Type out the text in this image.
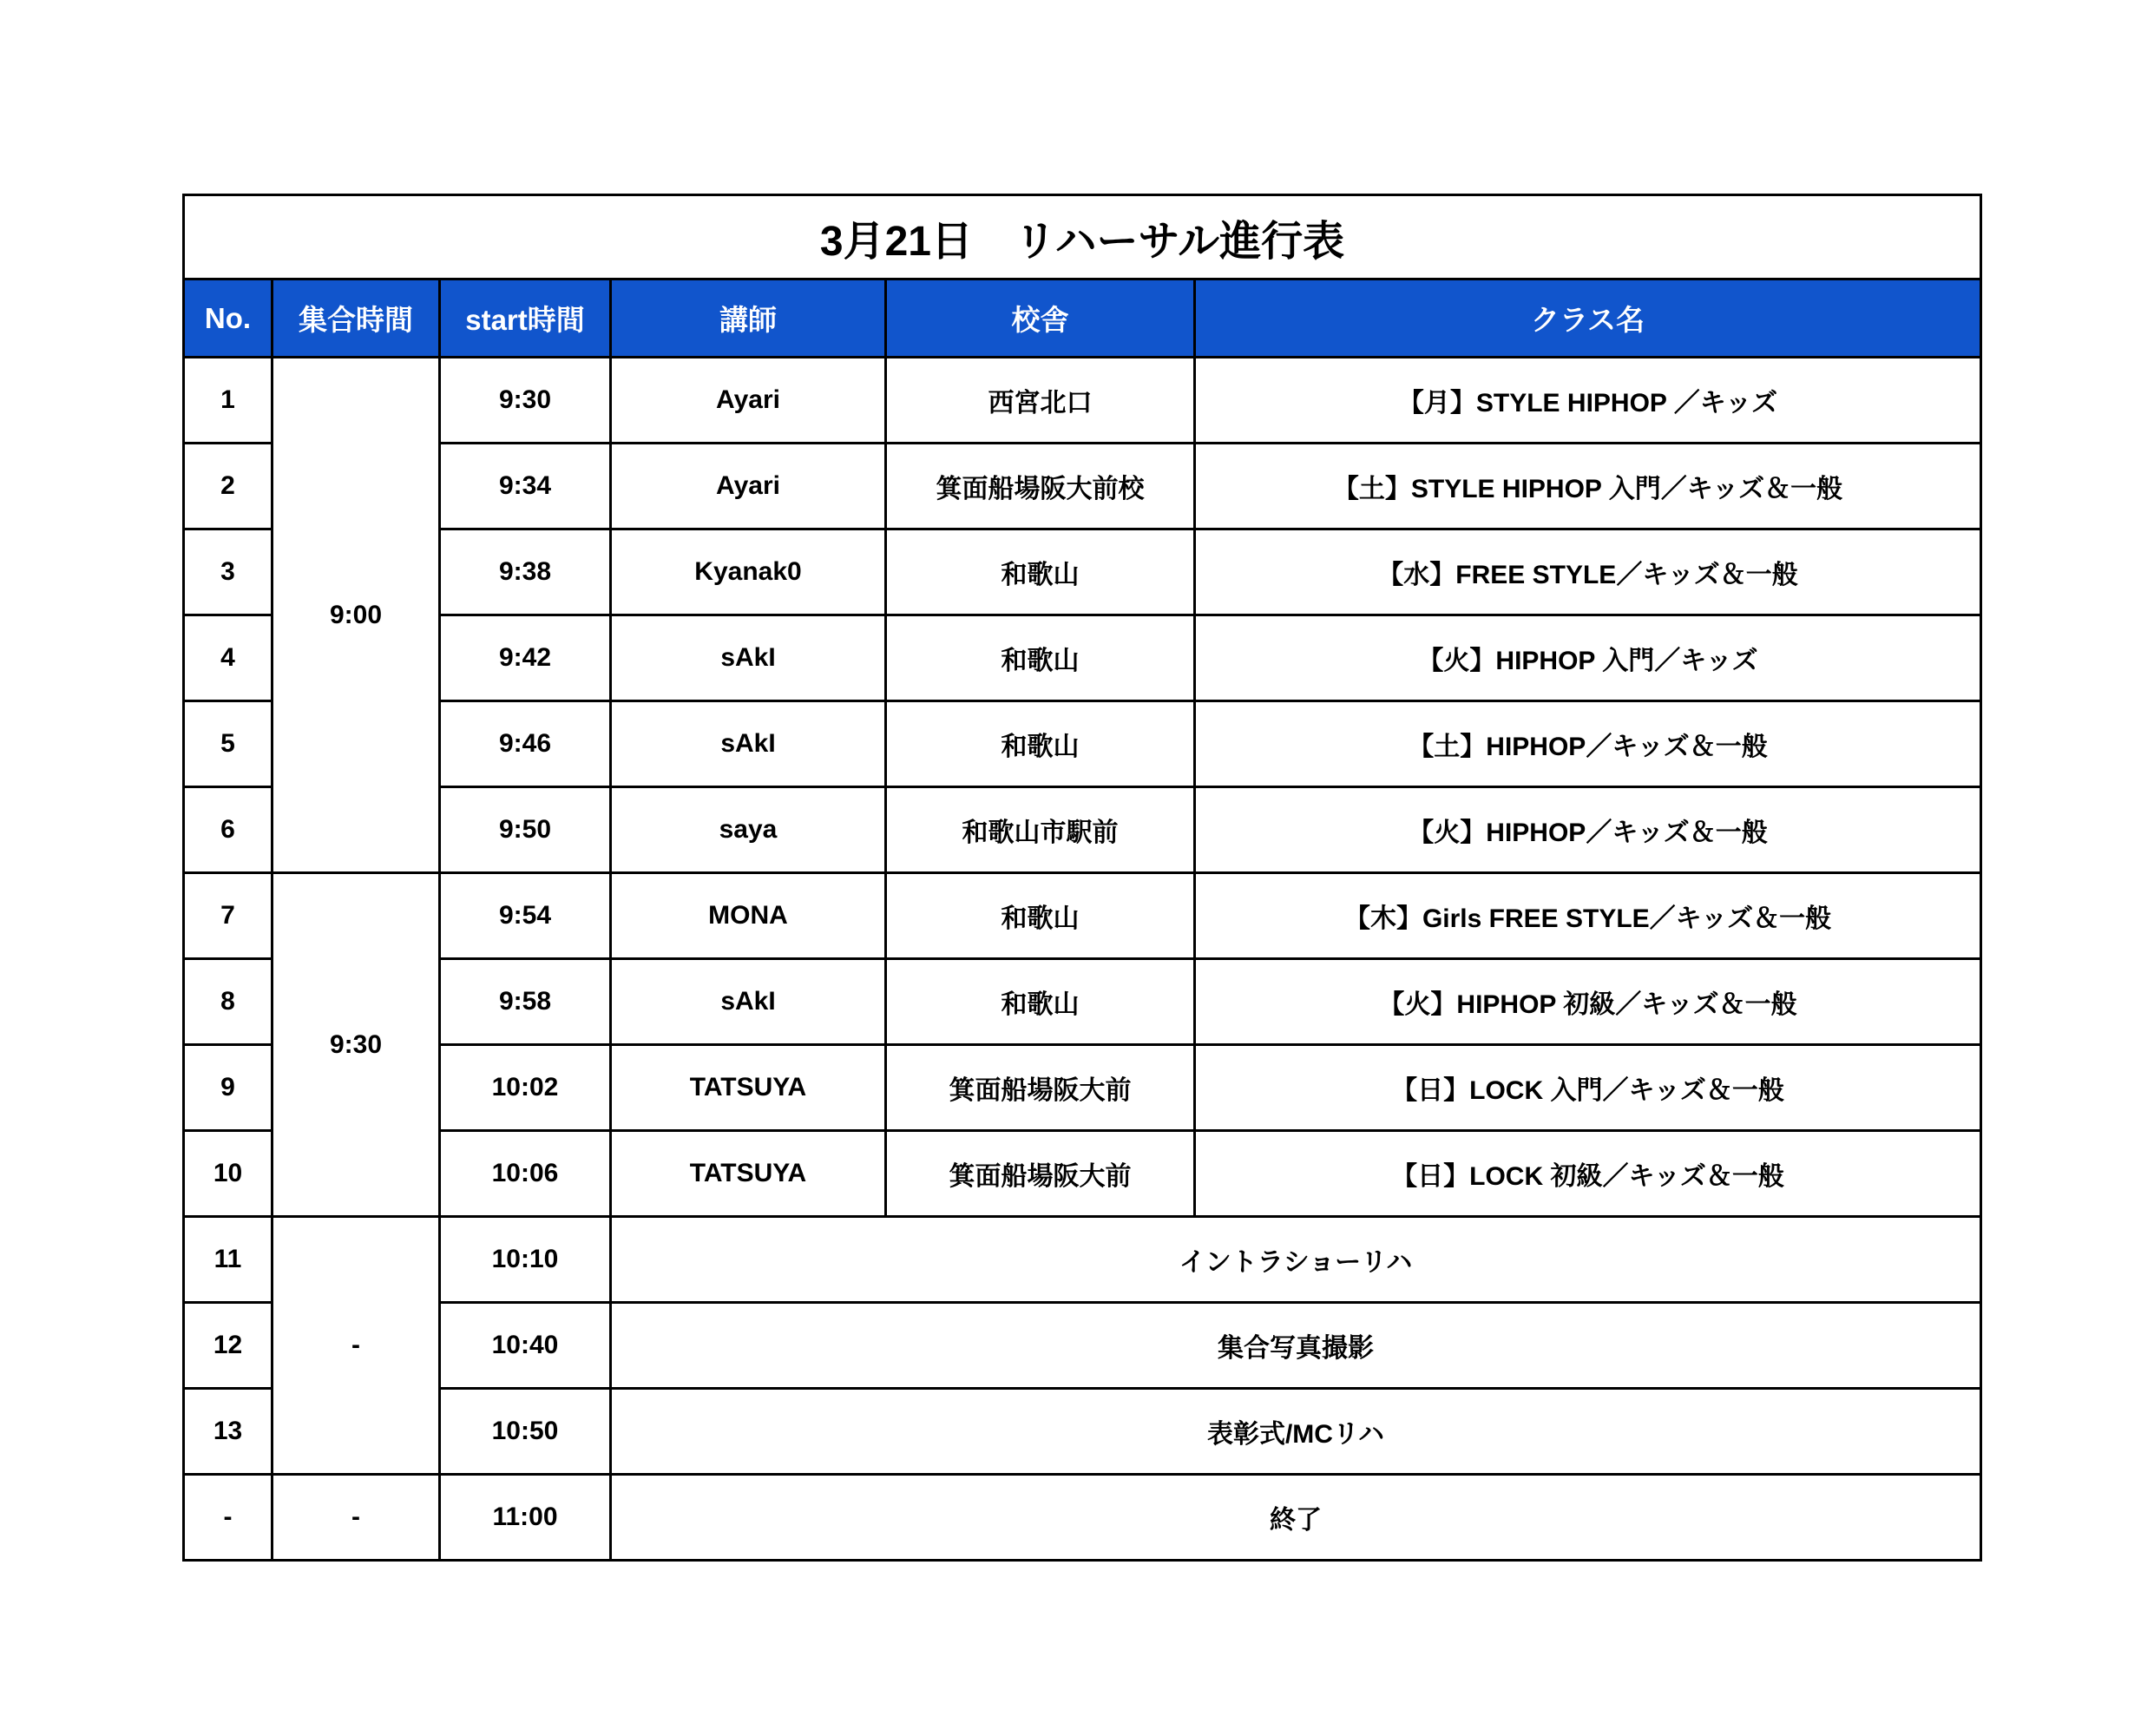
3月21日　リハーサル進行表					
No.	集合時間	start時間	講師	校舎	クラス名
1	9:00	9:30	Ayari	西宮北口	【月】STYLE HIPHOP ／キッズ
2		9:34	Ayari	箕面船場阪大前校	【土】STYLE HIPHOP 入門／キッズ＆一般
3		9:38	Kyanak0	和歌山	【水】FREE STYLE／キッズ＆一般
4		9:42	sAkI	和歌山	【火】HIPHOP 入門／キッズ
5		9:46	sAkI	和歌山	【土】HIPHOP／キッズ＆一般
6		9:50	saya	和歌山市駅前	【火】HIPHOP／キッズ＆一般
7	9:30	9:54	MONA	和歌山	【木】Girls FREE STYLE／キッズ＆一般
8		9:58	sAkI	和歌山	【火】HIPHOP 初級／キッズ＆一般
9		10:02	TATSUYA	箕面船場阪大前	【日】LOCK 入門／キッズ＆一般
10		10:06	TATSUYA	箕面船場阪大前	【日】LOCK 初級／キッズ＆一般
11	-	10:10	イントラショーリハ		
12		10:40	集合写真撮影		
13		10:50	表彰式/MCリハ		
-	-	11:00	終了		
